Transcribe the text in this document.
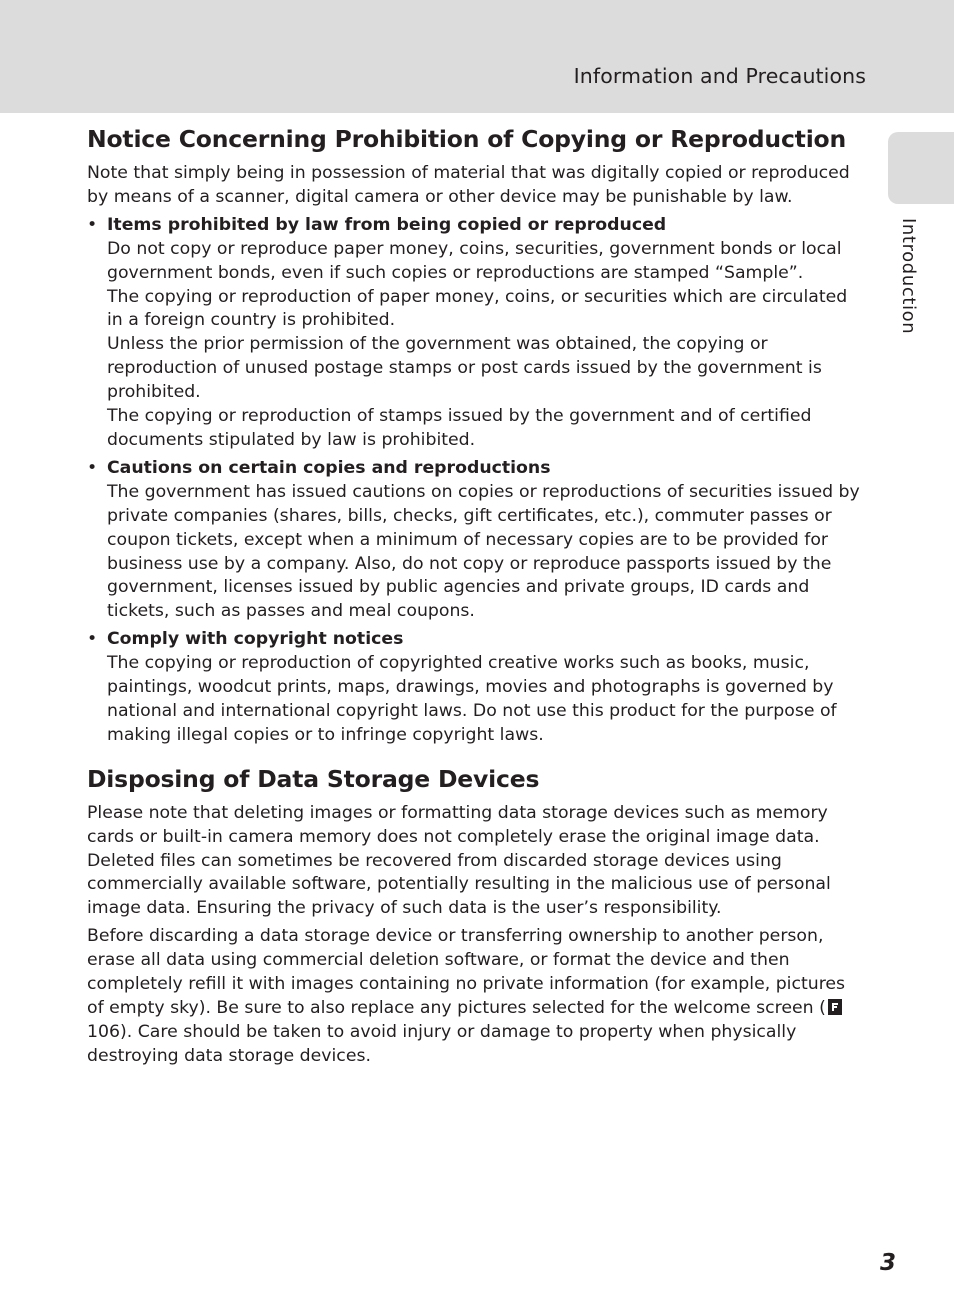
Information and Precautions
Introduction
Notice Concerning Prohibition of Copying or Reproduction

Note that simply being in possession of material that was digitally copied or reproduced by means of a scanner, digital camera or other device may be punishable by law.

• Items prohibited by law from being copied or reproduced

Do not copy or reproduce paper money, coins, securities, government bonds or local government bonds, even if such copies or reproductions are stamped “Sample”.

The copying or reproduction of paper money, coins, or securities which are circulated in a foreign country is prohibited.

Unless the prior permission of the government was obtained, the copying or reproduction of unused postage stamps or post cards issued by the government is prohibited.

The copying or reproduction of stamps issued by the government and of certified documents stipulated by law is prohibited.

• Cautions on certain copies and reproductions

The government has issued cautions on copies or reproductions of securities issued by private companies (shares, bills, checks, gift certificates, etc.), commuter passes or coupon tickets, except when a minimum of necessary copies are to be provided for business use by a company. Also, do not copy or reproduce passports issued by the government, licenses issued by public agencies and private groups, ID cards and tickets, such as passes and meal coupons.

• Comply with copyright notices

The copying or reproduction of copyrighted creative works such as books, music, paintings, woodcut prints, maps, drawings, movies and photographs is governed by national and international copyright laws. Do not use this product for the purpose of making illegal copies or to infringe copyright laws.

Disposing of Data Storage Devices

Please note that deleting images or formatting data storage devices such as memory cards or built-in camera memory does not completely erase the original image data. Deleted files can sometimes be recovered from discarded storage devices using commercially available software, potentially resulting in the malicious use of personal image data. Ensuring the privacy of such data is the user’s responsibility.

Before discarding a data storage device or transferring ownership to another person, erase all data using commercial deletion software, or format the device and then completely refill it with images containing no private information (for example, pictures of empty sky). Be sure to also replace any pictures selected for the welcome screen ( 106). Care should be taken to avoid injury or damage to property when physically destroying data storage devices.

3
